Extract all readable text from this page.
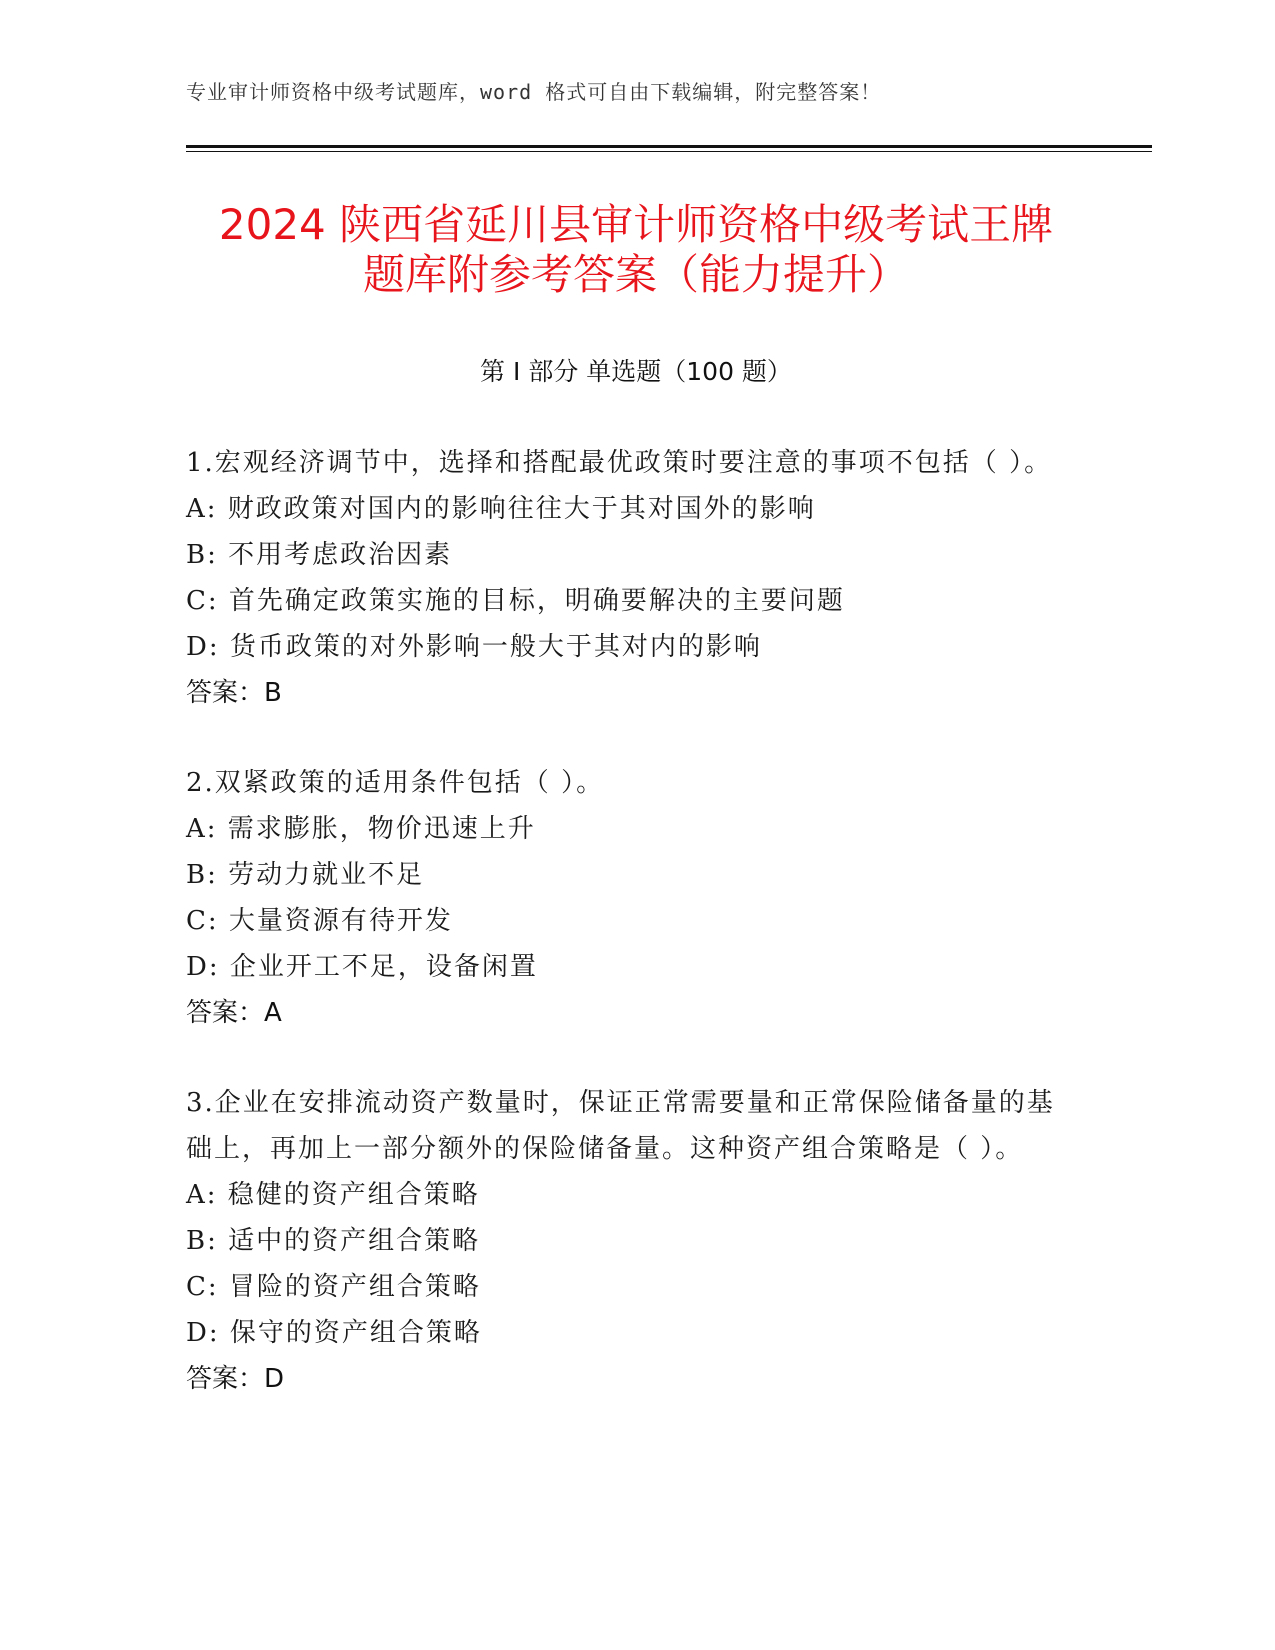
专业审计师资格中级考试题库，word 格式可自由下载编辑，附完整答案！
2024 陕西省延川县审计师资格中级考试王牌
题库附参考答案（能力提升）
第 I 部分 单选题（100 题）
1.宏观经济调节中，选择和搭配最优政策时要注意的事项不包括（ ）。
A: 财政政策对国内的影响往往大于其对国外的影响
B: 不用考虑政治因素
C: 首先确定政策实施的目标，明确要解决的主要问题
D: 货币政策的对外影响一般大于其对内的影响
答案：B
2.双紧政策的适用条件包括（ ）。
A: 需求膨胀，物价迅速上升
B: 劳动力就业不足
C: 大量资源有待开发
D: 企业开工不足，设备闲置
答案：A
3.企业在安排流动资产数量时，保证正常需要量和正常保险储备量的基础上，再加上一部分额外的保险储备量。这种资产组合策略是（ ）。
A: 稳健的资产组合策略
B: 适中的资产组合策略
C: 冒险的资产组合策略
D: 保守的资产组合策略
答案：D
